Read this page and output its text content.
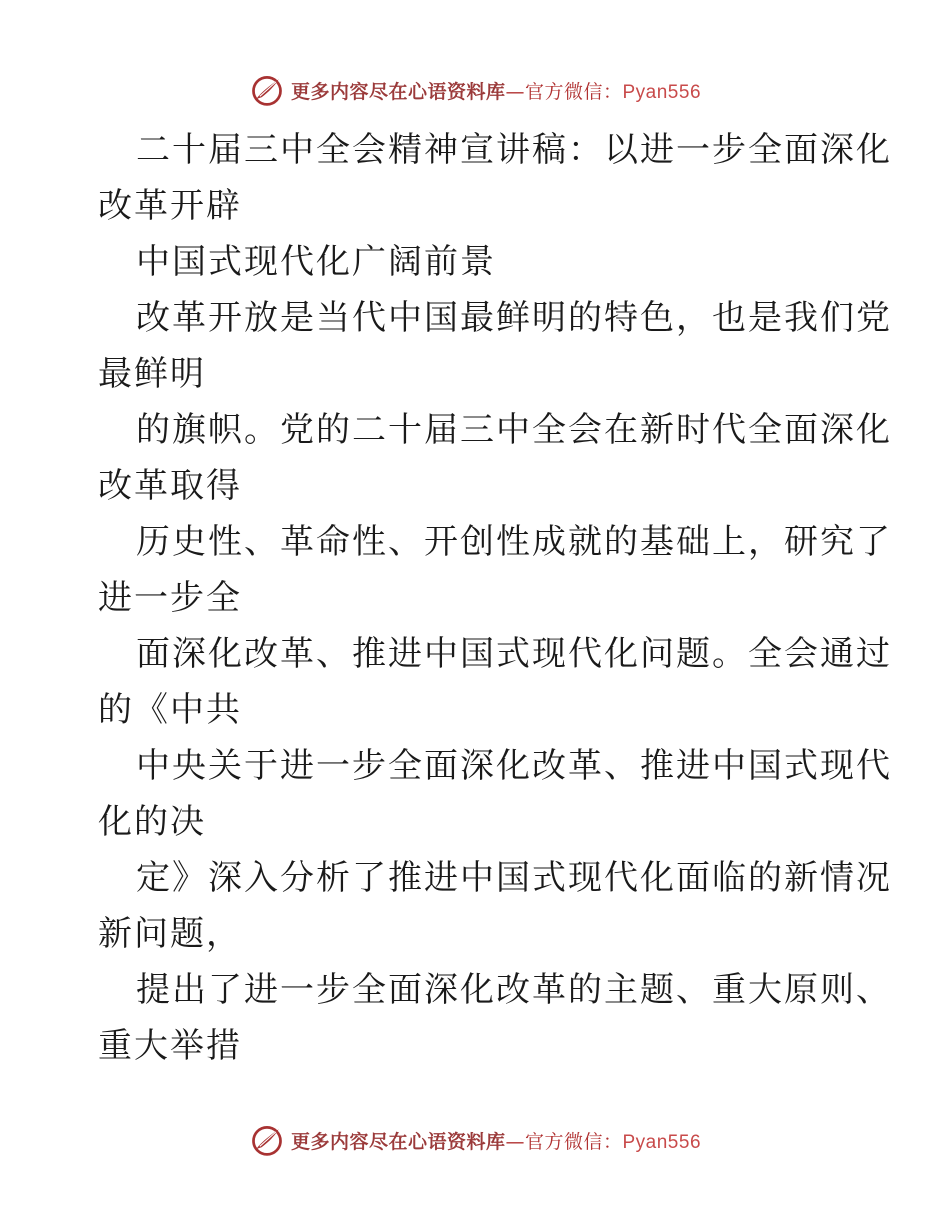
更多内容尽在心语资料库—官方微信：Pyan556
二十届三中全会精神宣讲稿：以进一步全面深化
改革开辟
中国式现代化广阔前景
改革开放是当代中国最鲜明的特色，也是我们党
最鲜明
的旗帜。党的二十届三中全会在新时代全面深化
改革取得
历史性、革命性、开创性成就的基础上，研究了
进一步全
面深化改革、推进中国式现代化问题。全会通过
的《中共
中央关于进一步全面深化改革、推进中国式现代
化的决
定》深入分析了推进中国式现代化面临的新情况
新问题，
提出了进一步全面深化改革的主题、重大原则、
重大举措
更多内容尽在心语资料库—官方微信：Pyan556
